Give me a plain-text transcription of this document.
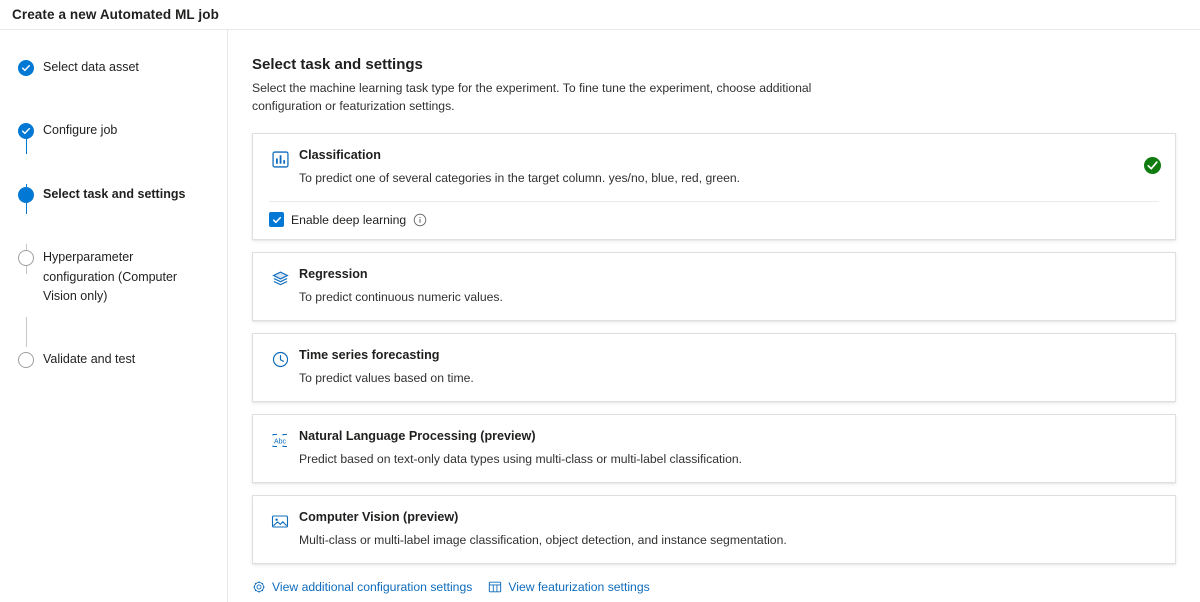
Create a new Automated ML job
Select data asset
Configure job
Select task and settings
Hyperparameter configuration (Computer Vision only)
Validate and test
Select task and settings
Select the machine learning task type for the experiment. To fine tune the experiment, choose additional configuration or featurization settings.
Classification
To predict one of several categories in the target column. yes/no, blue, red, green.
Enable deep learning
Regression
To predict continuous numeric values.
Time series forecasting
To predict values based on time.
Abc Natural Language Processing (preview)
Predict based on text-only data types using multi-class or multi-label classification.
Computer Vision (preview)
Multi-class or multi-label image classification, object detection, and instance segmentation.
View additional configuration settings	View featurization settings
